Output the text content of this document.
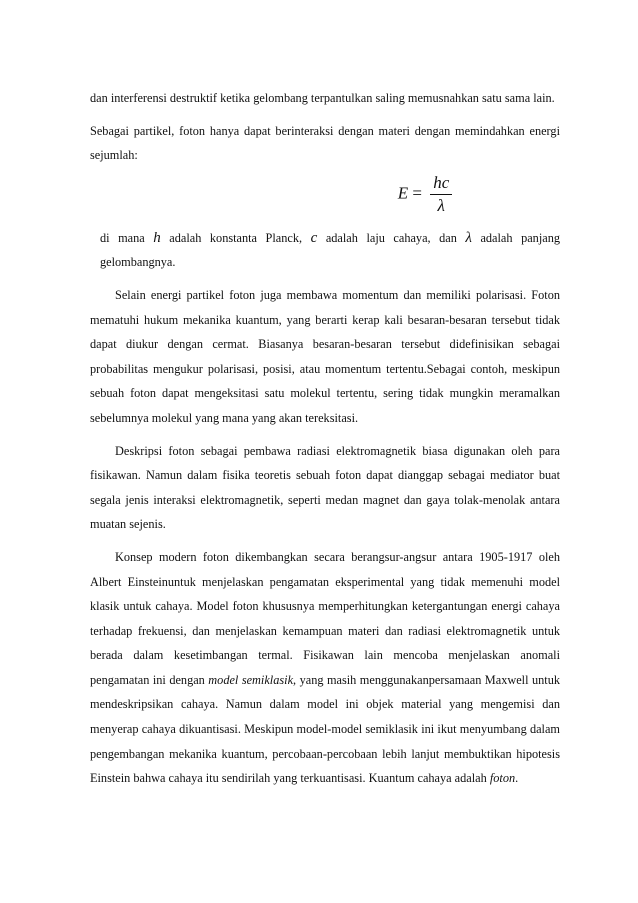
dan interferensi destruktif ketika gelombang terpantulkan saling memusnahkan satu sama lain.

Sebagai partikel, foton hanya dapat berinteraksi dengan materi dengan memindahkan energi sejumlah:

$E = \frac{hc}{\lambda}$

di mana h adalah konstanta Planck, c adalah laju cahaya, dan λ adalah panjang gelombangnya.

Selain energi partikel foton juga membawa momentum dan memiliki polarisasi. Foton mematuhi hukum mekanika kuantum, yang berarti kerap kali besaran-besaran tersebut tidak dapat diukur dengan cermat. Biasanya besaran-besaran tersebut didefinisikan sebagai probabilitas mengukur polarisasi, posisi, atau momentum tertentu.Sebagai contoh, meskipun sebuah foton dapat mengeksitasi satu molekul tertentu, sering tidak mungkin meramalkan sebelumnya molekul yang mana yang akan tereksitasi.

Deskripsi foton sebagai pembawa radiasi elektromagnetik biasa digunakan oleh para fisikawan. Namun dalam fisika teoretis sebuah foton dapat dianggap sebagai mediator buat segala jenis interaksi elektromagnetik, seperti medan magnet dan gaya tolak-menolak antara muatan sejenis.

Konsep modern foton dikembangkan secara berangsur-angsur antara 1905-1917 oleh Albert Einsteinuntuk menjelaskan pengamatan eksperimental yang tidak memenuhi model klasik untuk cahaya. Model foton khususnya memperhitungkan ketergantungan energi cahaya terhadap frekuensi, dan menjelaskan kemampuan materi dan radiasi elektromagnetik untuk berada dalam kesetimbangan termal. Fisikawan lain mencoba menjelaskan anomali pengamatan ini dengan model semiklasik, yang masih menggunakanpersamaan Maxwell untuk mendeskripsikan cahaya. Namun dalam model ini objek material yang mengemisi dan menyerap cahaya dikuantisasi. Meskipun model-model semiklasik ini ikut menyumbang dalam pengembangan mekanika kuantum, percobaan-percobaan lebih lanjut membuktikan hipotesis Einstein bahwa cahaya itu sendirilah yang terkuantisasi. Kuantum cahaya adalah foton.
